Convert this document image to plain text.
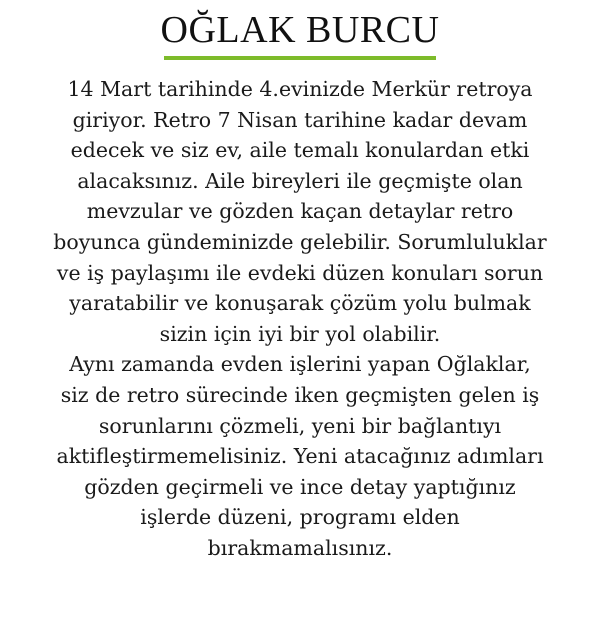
OĞLAK BURCU
14 Mart tarihinde 4.evinizde Merkür retroya
giriyor. Retro 7 Nisan tarihine kadar devam
edecek ve siz ev, aile temalı konulardan etki
alacaksınız. Aile bireyleri ile geçmişte olan
mevzular ve gözden kaçan detaylar retro
boyunca gündeminizde gelebilir. Sorumluluklar
ve iş paylaşımı ile evdeki düzen konuları sorun
yaratabilir ve konuşarak çözüm yolu bulmak
sizin için iyi bir yol olabilir.
Aynı zamanda evden işlerini yapan Oğlaklar,
siz de retro sürecinde iken geçmişten gelen iş
sorunlarını çözmeli, yeni bir bağlantıyı
aktifleştirmemelisiniz. Yeni atacağınız adımları
gözden geçirmeli ve ince detay yaptığınız
işlerde düzeni, programı elden
bırakmamalısınız.
